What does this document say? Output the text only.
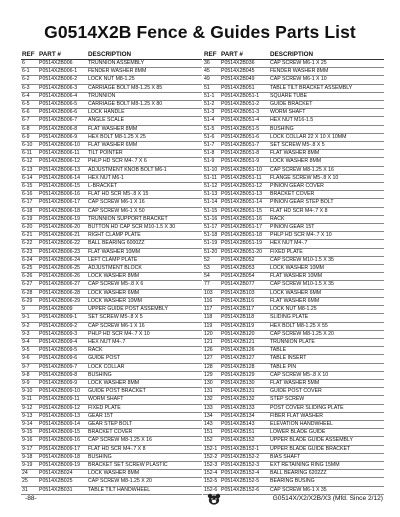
G0514X2B Fence & Guides Parts List
REF	PART #	DESCRIPTION
6	P0514X2B006	TRUNNION ASSEMBLY
6-1	P0514X2B006-1	FENDER WASHER 8MM
6-2	P0514X2B006-2	LOCK NUT M8-1.25
6-3	P0514X2B006-3	CARRIAGE BOLT M8-1.25 X 85
6-4	P0514X2B006-4	TRUNNION
6-5	P0514X2B006-5	CARRIAGE BOLT M8-1.25 X 80
6-6	P0514X2B006-6	LOCK HANDLE
6-7	P0514X2B006-7	ANGLE SCALE
6-8	P0514X2B006-8	FLAT WASHER 8MM
6-9	P0514X2B006-9	HEX BOLT M8-1.25 X 25
6-10	P0514X2B006-10	FLAT WASHER 6MM
6-11	P0514X2B006-11	TILT POINTER
6-12	P0514X2B006-12	PHLP HD SCR M4-.7 X 6
6-13	P0514X2B006-13	ADJUSTMENT KNOB BOLT M6-1
6-14	P0514X2B006-14	HEX NUT M6-1
6-15	P0514X2B006-15	L-BRACKET
6-16	P0514X2B006-16	FLAT HD SCR M5-.8 X 15
6-17	P0514X2B006-17	CAP SCREW M6-1 X 16
6-18	P0514X2B006-18	CAP SCREW M6-1 X 50
6-19	P0514X2B006-19	TRUNNION SUPPORT BRACKET
6-20	P0514X2B006-20	BUTTON HD CAP SCR M10-1.5 X 30
6-21	P0514X2B006-21	RIGHT CLAMP PLATE
6-22	P0514X2B006-22	BALL BEARING 6000ZZ
6-23	P0514X2B006-23	FLAT WASHER 10MM
6-24	P0514X2B006-24	LEFT CLAMP PLATE
6-25	P0514X2B006-25	ADJUSTMENT BLOCK
6-26	P0514X2B006-26	LOCK WASHER 8MM
6-27	P0514X2B006-27	CAP SCREW M5-.8 X 6
6-28	P0514X2B006-28	LOCK WASHER 6MM
6-29	P0514X2B006-29	LOCK WASHER 10MM
9	P0514X2B009	UPPER GUIDE POST ASSEMBLY
9-1	P0514X2B009-1	SET SCREW M5-.8 X 5
9-2	P0514X2B009-2	CAP SCREW M6-1 X 16
9-3	P0514X2B009-3	PHLP HD SCR M4-.7 X 10
9-4	P0514X2B009-4	HEX NUT M4-.7
9-5	P0514X2B009-5	RACK
9-6	P0514X2B009-6	GUIDE POST
9-7	P0514X2B009-7	LOCK COLLAR
9-8	P0514X2B009-8	BUSHING
9-9	P0514X2B009-9	LOCK WASHER 8MM
9-10	P0514X2B009-10	GUIDE POST BRACKET
9-11	P0514X2B009-11	WORM SHAFT
9-12	P0514X2B009-12	FIXED PLATE
9-13	P0514X2B009-13	GEAR 15T
9-14	P0514X2B009-14	GEAR STEP BOLT
9-15	P0514X2B009-15	BRACKET COVER
9-16	P0514X2B009-16	CAP SCREW M8-1.25 X 16
9-17	P0514X2B009-17	FLAT HD SCR M4-.7 X 8
9-18	P0514X2B009-18	BUSHING
9-19	P0514X2B009-19	BRACKET SET SCREW PLASTIC
24	P0514X2B024	LOCK WASHER 8MM
25	P0514X2B025	CAP SCREW M8-1.25 X 20
31	P0514X2B031	TABLE TILT HANDWHEEL
REF	PART #	DESCRIPTION
36	P0514X2B036	CAP SCREW M6-1 X 25
45	P0514X2B045	FENDER WASHER 8MM
49	P0514X2B049	CAP SCREW M6-1 X 10
51	P0514X2B051	TABLE TILT BRACKET ASSEMBLY
51-1	P0514X2B051-1	SQUARE TUBE
51-2	P0514X2B051-2	GUIDE BRACKET
51-3	P0514X2B051-3	WORM SHAFT
51-4	P0514X2B051-4	HEX NUT M16-1.5
51-5	P0514X2B051-5	BUSHING
51-6	P0514X2B051-6	LOCK COLLAR 22 X 10 X 10MM
51-7	P0514X2B051-7	SET SCREW M5-.8 X 5
51-8	P0514X2B051-8	FLAT WASHER 8MM
51-9	P0514X2B051-9	LOCK WASHER 8MM
51-10	P0514X2B051-10	CAP SCREW M8-1.25 X 16
51-11	P0514X2B051-11	FLANGE SCREW M5-.8 X 10
51-12	P0514X2B051-12	PINION GEAR COVER
51-13	P0514X2B051-13	BRACKET COVER
51-14	P0514X2B051-14	PINION GEAR STEP BOLT
51-15	P0514X2B051-15	FLAT HD SCR M4-.7 X 8
51-16	P0514X2B051-16	RACK
51-17	P0514X2B051-17	PINION GEAR 15T
51-18	P0514X2B051-18	PHLP HD SCR M4-.7 X 10
51-19	P0514X2B051-19	HEX NUT M4-.7
51-20	P0514X2B051-20	FIXED PLATE
52	P0514X2B052	CAP SCREW M10-1.5 X 35
53	P0514X2B053	LOCK WASHER 10MM
54	P0514X2B054	FLAT WASHER 10MM
77	P0514X2B077	CAP SCREW M10-1.5 X 35
103	P0514X2B103	LOCK WASHER 6MM
116	P0514X2B116	FLAT WASHER 6MM
117	P0514X2B117	LOCK NUT M8-1.25
118	P0514X2B118	SLIDING PLATE
119	P0514X2B119	HEX BOLT M8-1.25 X 55
120	P0514X2B120	CAP SCREW M8-1.25 X 20
121	P0514X2B121	TRUNNION PLATE
126	P0514X2B126	TABLE
127	P0514X2B127	TABLE INSERT
128	P0514X2B128	TABLE PIN
129	P0514X2B129	CAP SCREW M5-.8 X 10
130	P0514X2B130	FLAT WASHER 5MM
131	P0514X2B131	GUIDE POST COVER
132	P0514X2B132	STEP SCREW
133	P0514X2B133	POST COVER SLIDING PLATE
134	P0514X2B134	FIBER FLAT WASHER
143	P0514X2B143	ELEVATION HANDWHEEL
151	P0514X2B151	LOWER BLADE GUIDE
152	P0514X2B152	UPPER BLADE GUIDE ASSEMBLY
152-1	P0514X2B152-1	UPPER BLADE GUIDE BRACKET
152-2	P0514X2B152-2	BIAS SHAFT
152-3	P0514X2B152-3	EXT RETAINING RING 15MM
152-4	P0514X2B152-4	BALL BEARING 6202ZZ
152-5	P0514X2B152-5	BEARING BUSING
152-6	P0514X2B152-6	CAP SCREW M6-1 X 35
-88-	G0514X/X2/X2B/X3 (Mfd. Since 2/12)
